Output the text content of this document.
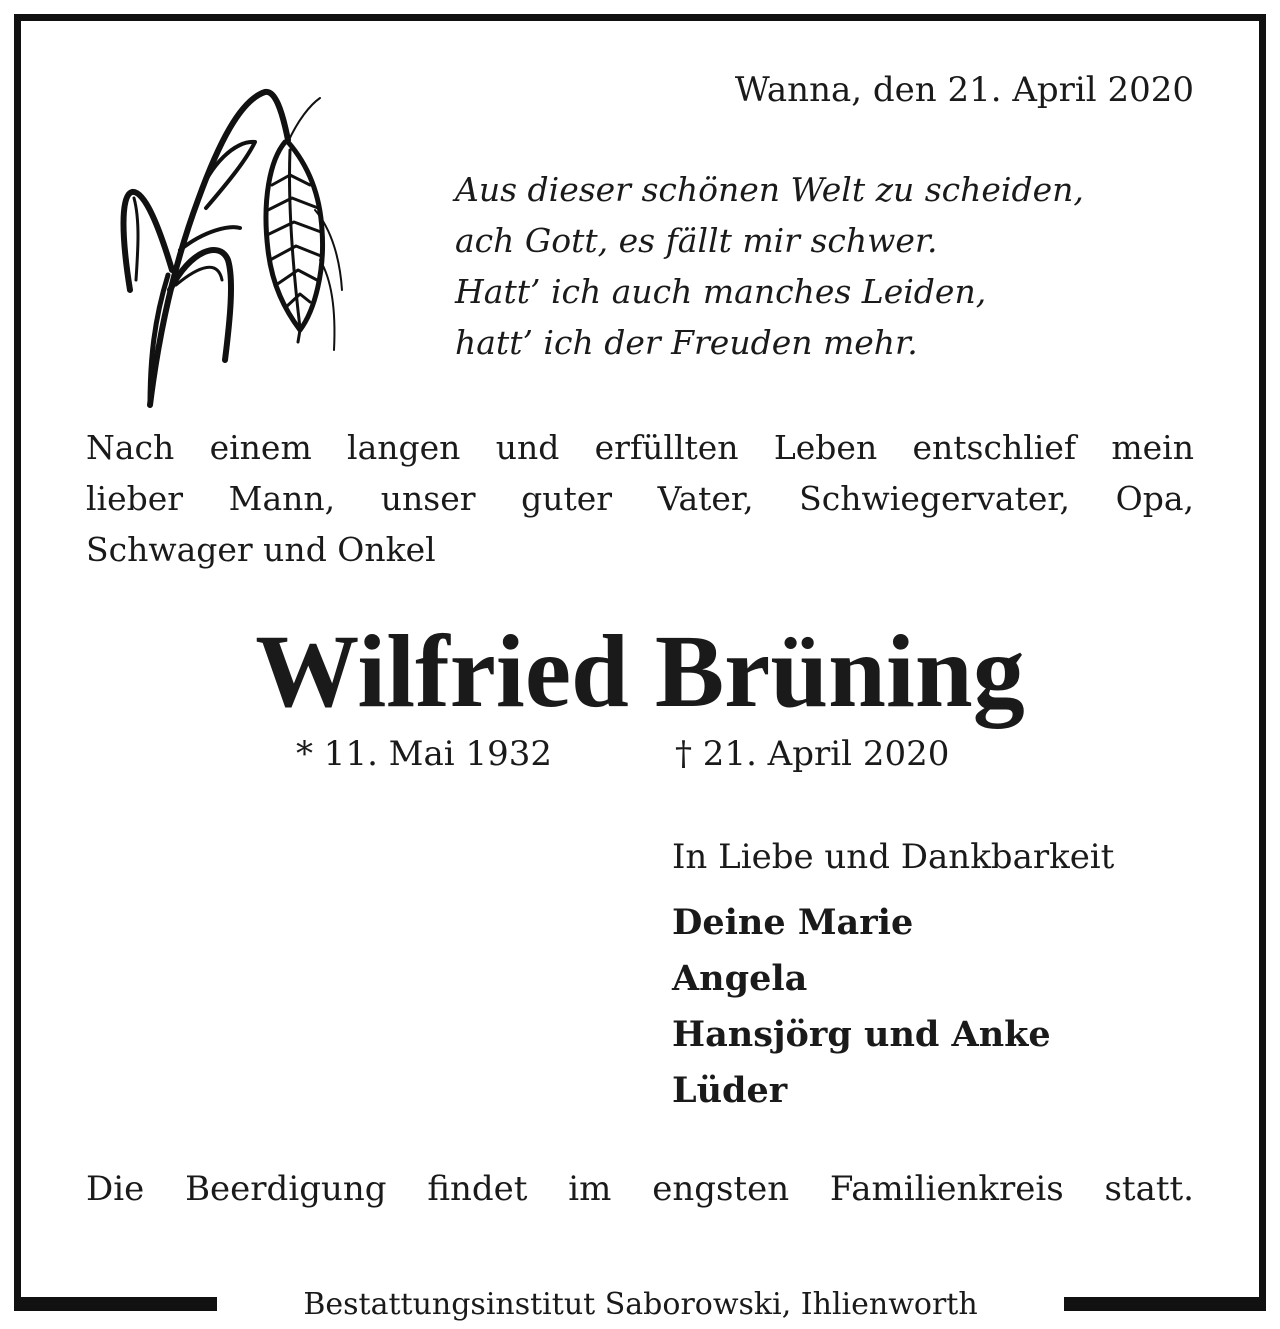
Wanna, den 21. April 2020
Aus dieser schönen Welt zu scheiden,
ach Gott, es fällt mir schwer.
Hatt’ ich auch manches Leiden,
hatt’ ich der Freuden mehr.
Nach einem langen und erfüllten Leben entschlief mein
lieber Mann, unser guter Vater, Schwiegervater, Opa,
Schwager und Onkel
Wilfried Brüning
* 11. Mai 1932	† 21. April 2020
In Liebe und Dankbarkeit
Deine Marie
Angela
Hansjörg und Anke
Lüder
Die Beerdigung findet im engsten Familienkreis statt.
Bestattungsinstitut Saborowski, Ihlienworth
